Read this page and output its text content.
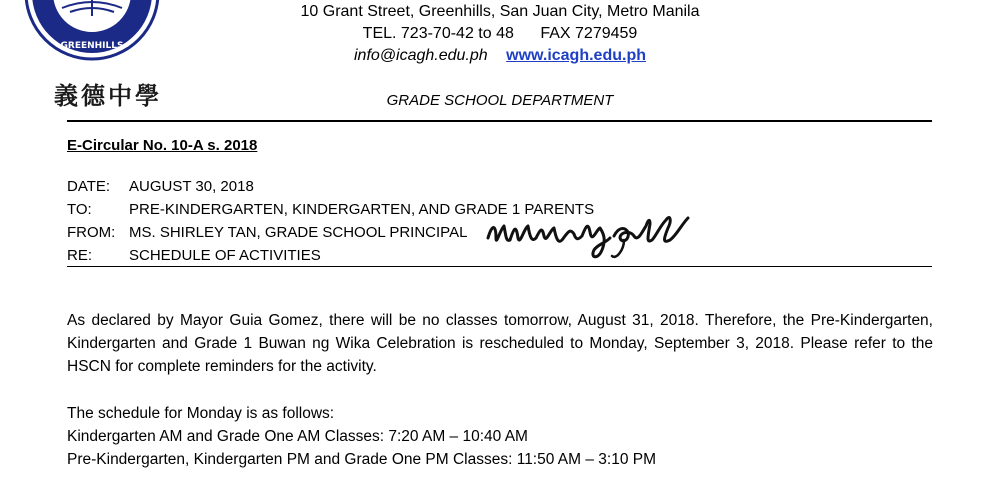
GREENHILLS
義德中學
10 Grant Street, Greenhills, San Juan City, Metro Manila
TEL. 723-70-42 to 48 FAX 7279459
info@icagh.edu.ph www.icagh.edu.ph
GRADE SCHOOL DEPARTMENT
E-Circular No. 10-A s. 2018
DATE:	AUGUST 30, 2018
TO:	PRE-KINDERGARTEN, KINDERGARTEN, AND GRADE 1 PARENTS
FROM: MS. SHIRLEY TAN, GRADE SCHOOL PRINCIPAL
RE:	SCHEDULE OF ACTIVITIES
As declared by Mayor Guia Gomez, there will be no classes tomorrow, August 31, 2018. Therefore, the Pre-Kindergarten, Kindergarten and Grade 1 Buwan ng Wika Celebration is rescheduled to Monday, September 3, 2018. Please refer to the HSCN for complete reminders for the activity.
The schedule for Monday is as follows:
Kindergarten AM and Grade One AM Classes: 7:20 AM – 10:40 AM
Pre-Kindergarten, Kindergarten PM and Grade One PM Classes: 11:50 AM – 3:10 PM
